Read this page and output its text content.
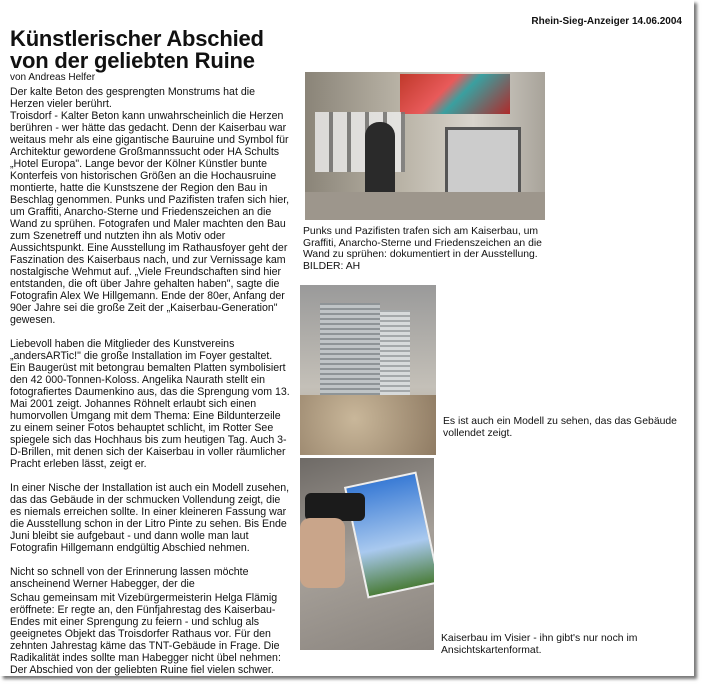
Rhein-Sieg-Anzeiger 14.06.2004
Künstlerischer Abschied
von der geliebten Ruine
von Andreas Helfer

Der kalte Beton des gesprengten Monstrums hat die Herzen vieler berührt.

Troisdorf - Kalter Beton kann unwahrscheinlich die Herzen berühren - wer hätte das gedacht. Denn der Kaiserbau war weitaus mehr als eine gigantische Bauruine und Symbol für Architektur gewordene Großmannssucht oder HA Schults „Hotel Europa". Lange bevor der Kölner Künstler bunte Konterfeis von historischen Größen an die Hochausruine montierte, hatte die Kunstszene der Region den Bau in Beschlag genommen. Punks und Pazifisten trafen sich hier, um Graffiti, Anarcho-Sterne und Friedenszeichen an die Wand zu sprühen. Fotografen und Maler machten den Bau zum Szenetreff und nutzten ihn als Motiv oder Aussichtspunkt. Eine Ausstellung im Rathausfoyer geht der Faszination des Kaiserbaus nach, und zur Vernissage kam nostalgische Wehmut auf. „Viele Freundschaften sind hier entstanden, die oft über Jahre gehalten haben", sagte die Fotografin Alex We Hillgemann. Ende der 80er, Anfang der 90er Jahre sei die große Zeit der „Kaiserbau-Generation" gewesen.

Liebevoll haben die Mitglieder des Kunstvereins „andersARTic!" die große Installation im Foyer gestaltet. Ein Baugerüst mit betongrau bemalten Platten symbolisiert den 42 000-Tonnen-Koloss. Angelika Naurath stellt ein fotografiertes Daumenkino aus, das die Sprengung vom 13. Mai 2001 zeigt. Johannes Röhnelt erlaubt sich einen humorvollen Umgang mit dem Thema: Eine Bildunterzeile zu einem seiner Fotos behauptet schlicht, im Rotter See spiegele sich das Hochhaus bis zum heutigen Tag. Auch 3-D-Brillen, mit denen sich der Kaiserbau in voller räumlicher Pracht erleben lässt, zeigt er.

In einer Nische der Installation ist auch ein Modell zusehen, das das Gebäude in der schmucken Vollendung zeigt, die es niemals erreichen sollte. In einer kleineren Fassung war die Ausstellung schon in der Litro Pinte zu sehen. Bis Ende Juni bleibt sie aufgebaut - und dann wolle man laut Fotografin Hillgemann endgültig Abschied nehmen.

Nicht so schnell von der Erinnerung lassen möchte anscheinend Werner Habegger, der die

Schau gemeinsam mit Vizebürgermeisterin Helga Flämig eröffnete: Er regte an, den Fünfjahrestag des Kaiserbau-Endes mit einer Sprengung zu feiern - und schlug als geeignetes Objekt das Troisdorfer Rathaus vor. Für den zehnten Jahrestag käme das TNT-Gebäude in Frage. Die Radikalität indes sollte man Habegger nicht übel nehmen: Der Abschied von der geliebten Ruine fiel vielen schwer.

Punks und Pazifisten trafen sich am Kaiserbau, um Graffiti, Anarcho-Sterne und Friedenszeichen an die Wand zu sprühen: dokumentiert in der Ausstellung.
BILDER: AH
Es ist auch ein Modell zu sehen, das das Gebäude vollendet zeigt.
Kaiserbau im Visier - ihn gibt's nur noch im Ansichtskartenformat.
